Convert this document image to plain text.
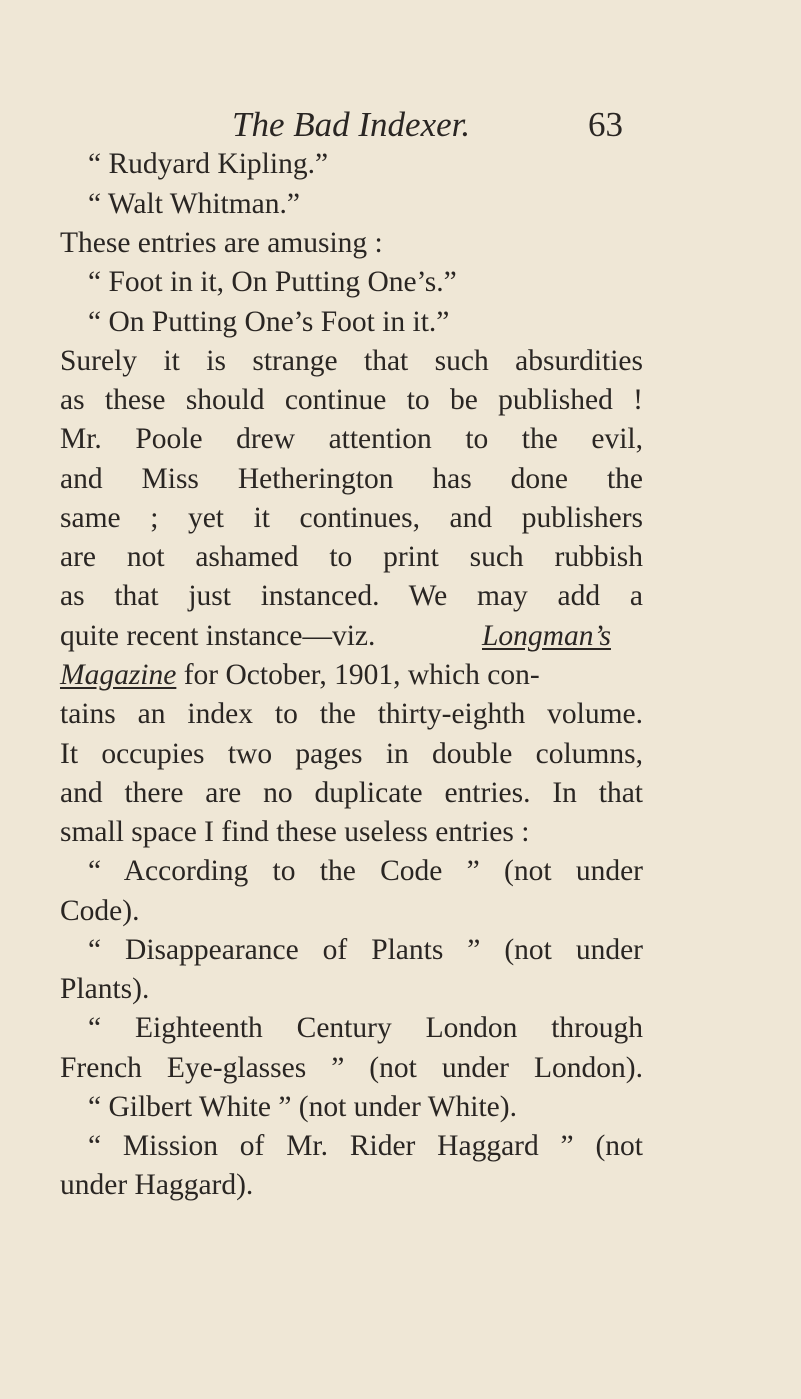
The Bad Indexer.	63
“ Rudyard Kipling.”
“ Walt Whitman.”
These entries are amusing :
“ Foot in it, On Putting One’s.”
“ On Putting One’s Foot in it.”
Surely it is strange that such absurdities
as these should continue to be published !
Mr. Poole drew attention to the evil,
and Miss Hetherington has done the
same ; yet it continues, and publishers
are not ashamed to print such rubbish
as that just instanced. We may add a
quite recent instance—viz.	Longman’s
Magazine for October, 1901, which con-
tains an index to the thirty-eighth volume.
It occupies two pages in double columns,
and there are no duplicate entries. In that
small space I find these useless entries :
“ According to the Code ” (not under
Code).
“ Disappearance of Plants ” (not under
Plants).
“ Eighteenth Century London through
French Eye-glasses ” (not under London).
“ Gilbert White ” (not under White).
“ Mission of Mr. Rider Haggard ” (not
under Haggard).
